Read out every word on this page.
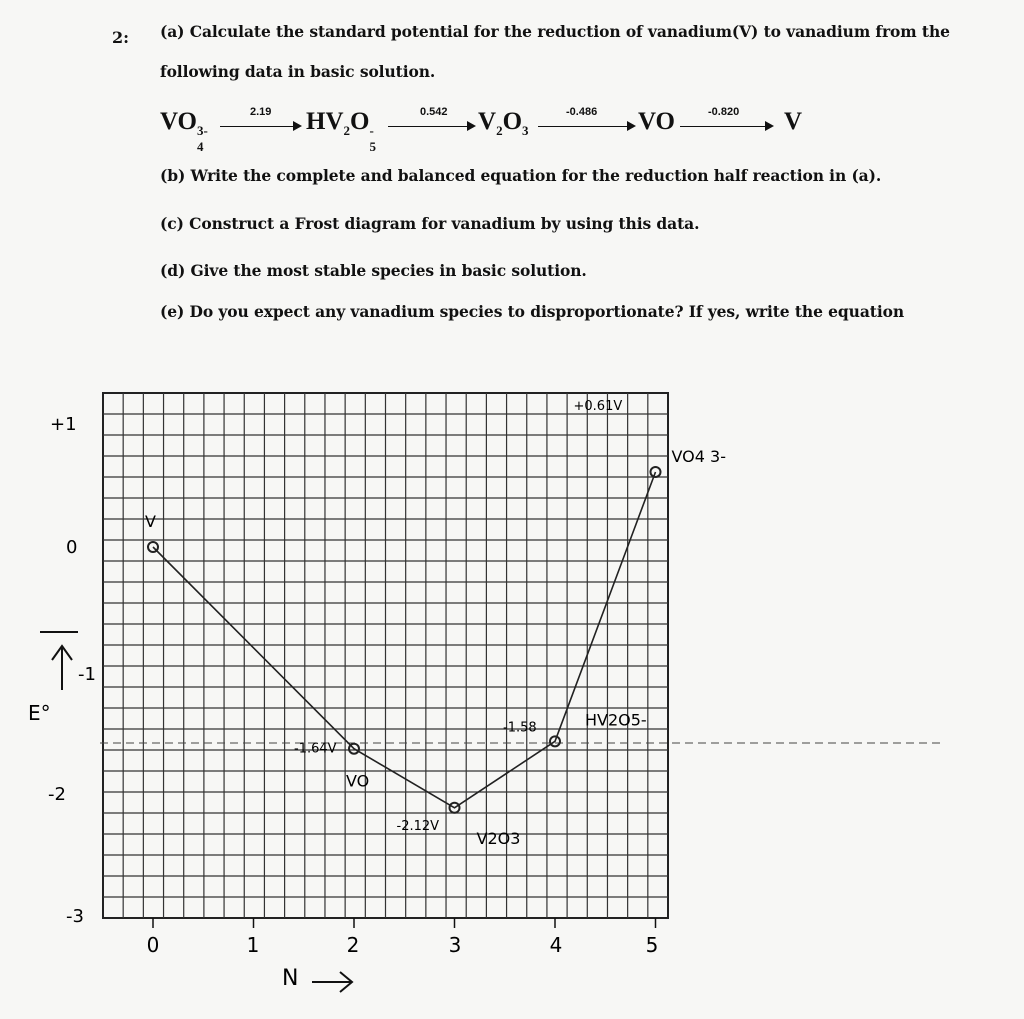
2: (a) Calculate the standard potential for the reduction of vanadium(V) to vanadium from the
following data in basic solution.
VO 3-
4
2.19 $HV_2O$ -
5
0.542 $V_2O_3$
-0.486 VO	-0.820 V
(b) Write the complete and balanced equation for the reduction half reaction in (a).
(c) Construct a Frost diagram for vanadium by using this data.
(d) Give the most stable species in basic solution.
(e) Do you expect any vanadium species to disproportionate? If yes, write the equation
0	1	2	3	4	5
+1
0
-1
-2
-3
V
VO
-1.64V
V2O3
-2.12V
HV2O5-
-1.58
VO4 3-
+0.61V
E°
N
